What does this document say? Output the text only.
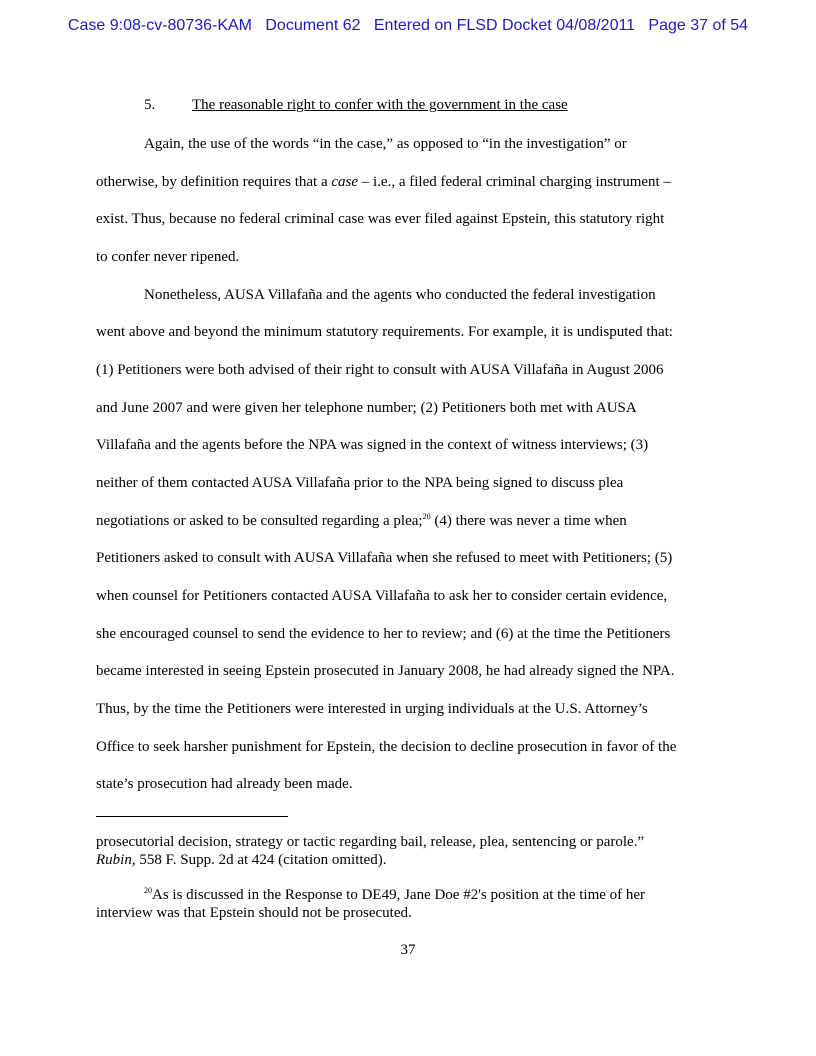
Case 9:08-cv-80736-KAM Document 62 Entered on FLSD Docket 04/08/2011 Page 37 of 54
5. The reasonable right to confer with the government in the case
Again, the use of the words “in the case,” as opposed to “in the investigation” or
otherwise, by definition requires that a case – i.e., a filed federal criminal charging instrument –
exist. Thus, because no federal criminal case was ever filed against Epstein, this statutory right
to confer never ripened.
Nonetheless, AUSA Villafaña and the agents who conducted the federal investigation
went above and beyond the minimum statutory requirements. For example, it is undisputed that:
(1) Petitioners were both advised of their right to consult with AUSA Villafaña in August 2006
and June 2007 and were given her telephone number; (2) Petitioners both met with AUSA
Villafaña and the agents before the NPA was signed in the context of witness interviews; (3)
neither of them contacted AUSA Villafaña prior to the NPA being signed to discuss plea
negotiations or asked to be consulted regarding a plea;$^{20}$ (4) there was never a time when
Petitioners asked to consult with AUSA Villafaña when she refused to meet with Petitioners; (5)
when counsel for Petitioners contacted AUSA Villafaña to ask her to consider certain evidence,
she encouraged counsel to send the evidence to her to review; and (6) at the time the Petitioners
became interested in seeing Epstein prosecuted in January 2008, he had already signed the NPA.
Thus, by the time the Petitioners were interested in urging individuals at the U.S. Attorney’s
Office to seek harsher punishment for Epstein, the decision to decline prosecution in favor of the
state’s prosecution had already been made.
prosecutorial decision, strategy or tactic regarding bail, release, plea, sentencing or parole.”
Rubin, 558 F. Supp. 2d at 424 (citation omitted).
$^{20}$As is discussed in the Response to DE49, Jane Doe #2's position at the time of her
interview was that Epstein should not be prosecuted.
37
